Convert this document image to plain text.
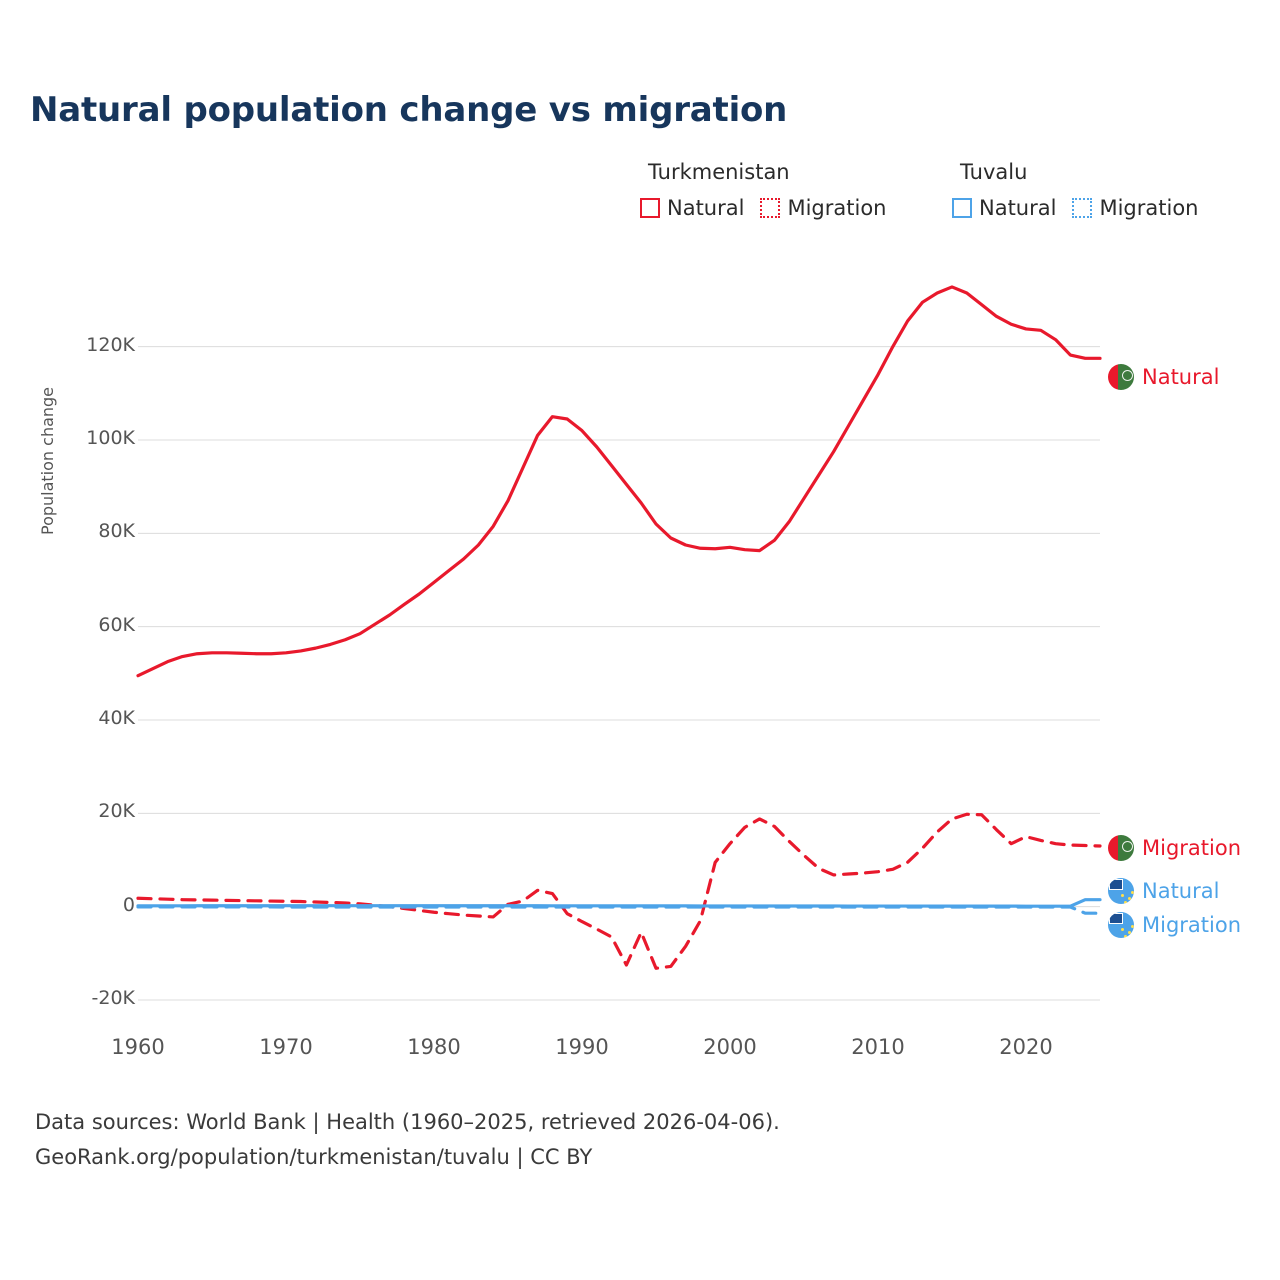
Natural population change vs migration
Turkmenistan
Natural Migration
Tuvalu
Natural Migration
Population change
-20K
0
20K
40K
60K
80K
100K
120K
1960	1970	1980	1990	2000	2010	2020
Natural
Migration
Natural
Migration
Data sources: World Bank | Health (1960–2025, retrieved 2026-04-06).
GeoRank.org/population/turkmenistan/tuvalu | CC BY
